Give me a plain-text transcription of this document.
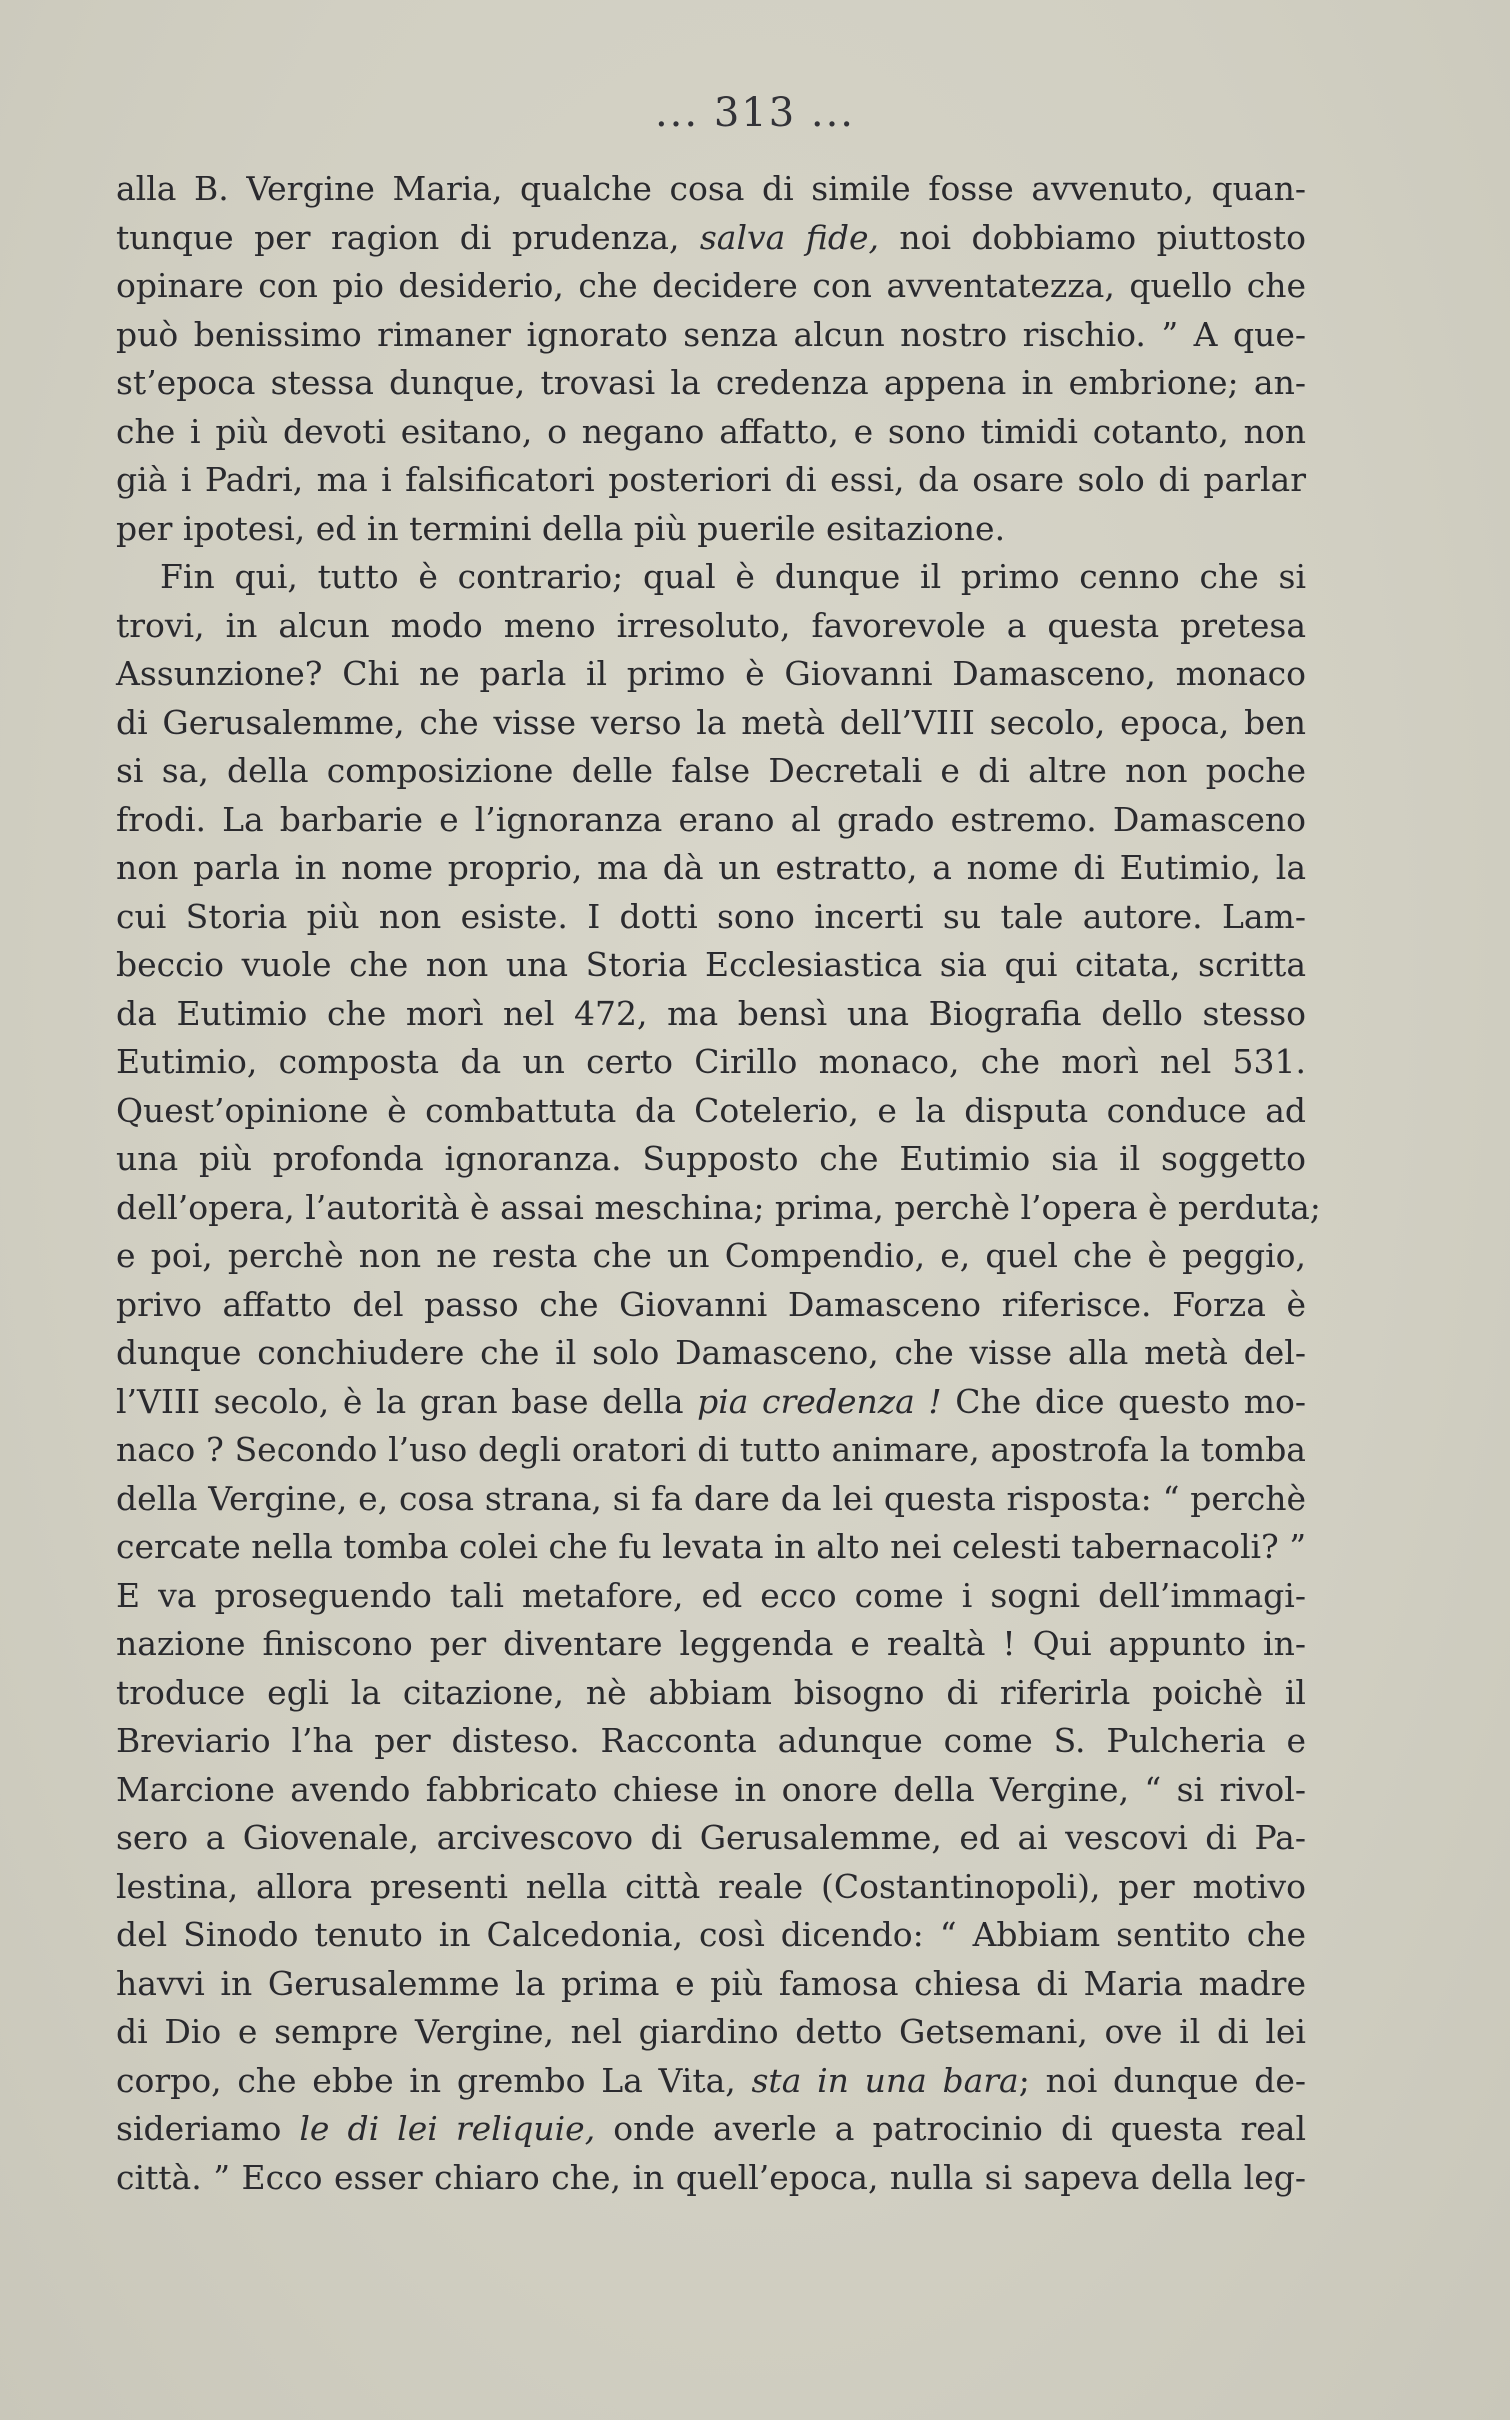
... 313 ...
alla B. Vergine Maria, qualche cosa di simile fosse avvenuto, quan-
tunque per ragion di prudenza, salva fide, noi dobbiamo piuttosto
opinare con pio desiderio, che decidere con avventatezza, quello che
può benissimo rimaner ignorato senza alcun nostro rischio. ” A que-
st’epoca stessa dunque, trovasi la credenza appena in embrione; an-
che i più devoti esitano, o negano affatto, e sono timidi cotanto, non
già i Padri, ma i falsificatori posteriori di essi, da osare solo di parlar
per ipotesi, ed in termini della più puerile esitazione.
Fin qui, tutto è contrario; qual è dunque il primo cenno che si
trovi, in alcun modo meno irresoluto, favorevole a questa pretesa
Assunzione? Chi ne parla il primo è Giovanni Damasceno, monaco
di Gerusalemme, che visse verso la metà dell’VIII secolo, epoca, ben
si sa, della composizione delle false Decretali e di altre non poche
frodi. La barbarie e l’ignoranza erano al grado estremo. Damasceno
non parla in nome proprio, ma dà un estratto, a nome di Eutimio, la
cui Storia più non esiste. I dotti sono incerti su tale autore. Lam-
beccio vuole che non una Storia Ecclesiastica sia qui citata, scritta
da Eutimio che morì nel 472, ma bensì una Biografia dello stesso
Eutimio, composta da un certo Cirillo monaco, che morì nel 531.
Quest’opinione è combattuta da Cotelerio, e la disputa conduce ad
una più profonda ignoranza. Supposto che Eutimio sia il soggetto
dell’opera, l’autorità è assai meschina; prima, perchè l’opera è perduta;
e poi, perchè non ne resta che un Compendio, e, quel che è peggio,
privo affatto del passo che Giovanni Damasceno riferisce. Forza è
dunque conchiudere che il solo Damasceno, che visse alla metà del-
l’VIII secolo, è la gran base della pia credenza ! Che dice questo mo-
naco ? Secondo l’uso degli oratori di tutto animare, apostrofa la tomba
della Vergine, e, cosa strana, si fa dare da lei questa risposta: “ perchè
cercate nella tomba colei che fu levata in alto nei celesti tabernacoli? ”
E va proseguendo tali metafore, ed ecco come i sogni dell’immagi-
nazione finiscono per diventare leggenda e realtà ! Qui appunto in-
troduce egli la citazione, nè abbiam bisogno di riferirla poichè il
Breviario l’ha per disteso. Racconta adunque come S. Pulcheria e
Marcione avendo fabbricato chiese in onore della Vergine, “ si rivol-
sero a Giovenale, arcivescovo di Gerusalemme, ed ai vescovi di Pa-
lestina, allora presenti nella città reale (Costantinopoli), per motivo
del Sinodo tenuto in Calcedonia, così dicendo: “ Abbiam sentito che
havvi in Gerusalemme la prima e più famosa chiesa di Maria madre
di Dio e sempre Vergine, nel giardino detto Getsemani, ove il di lei
corpo, che ebbe in grembo La Vita, sta in una bara; noi dunque de-
sideriamo le di lei reliquie, onde averle a patrocinio di questa real
città. ” Ecco esser chiaro che, in quell’epoca, nulla si sapeva della leg-
